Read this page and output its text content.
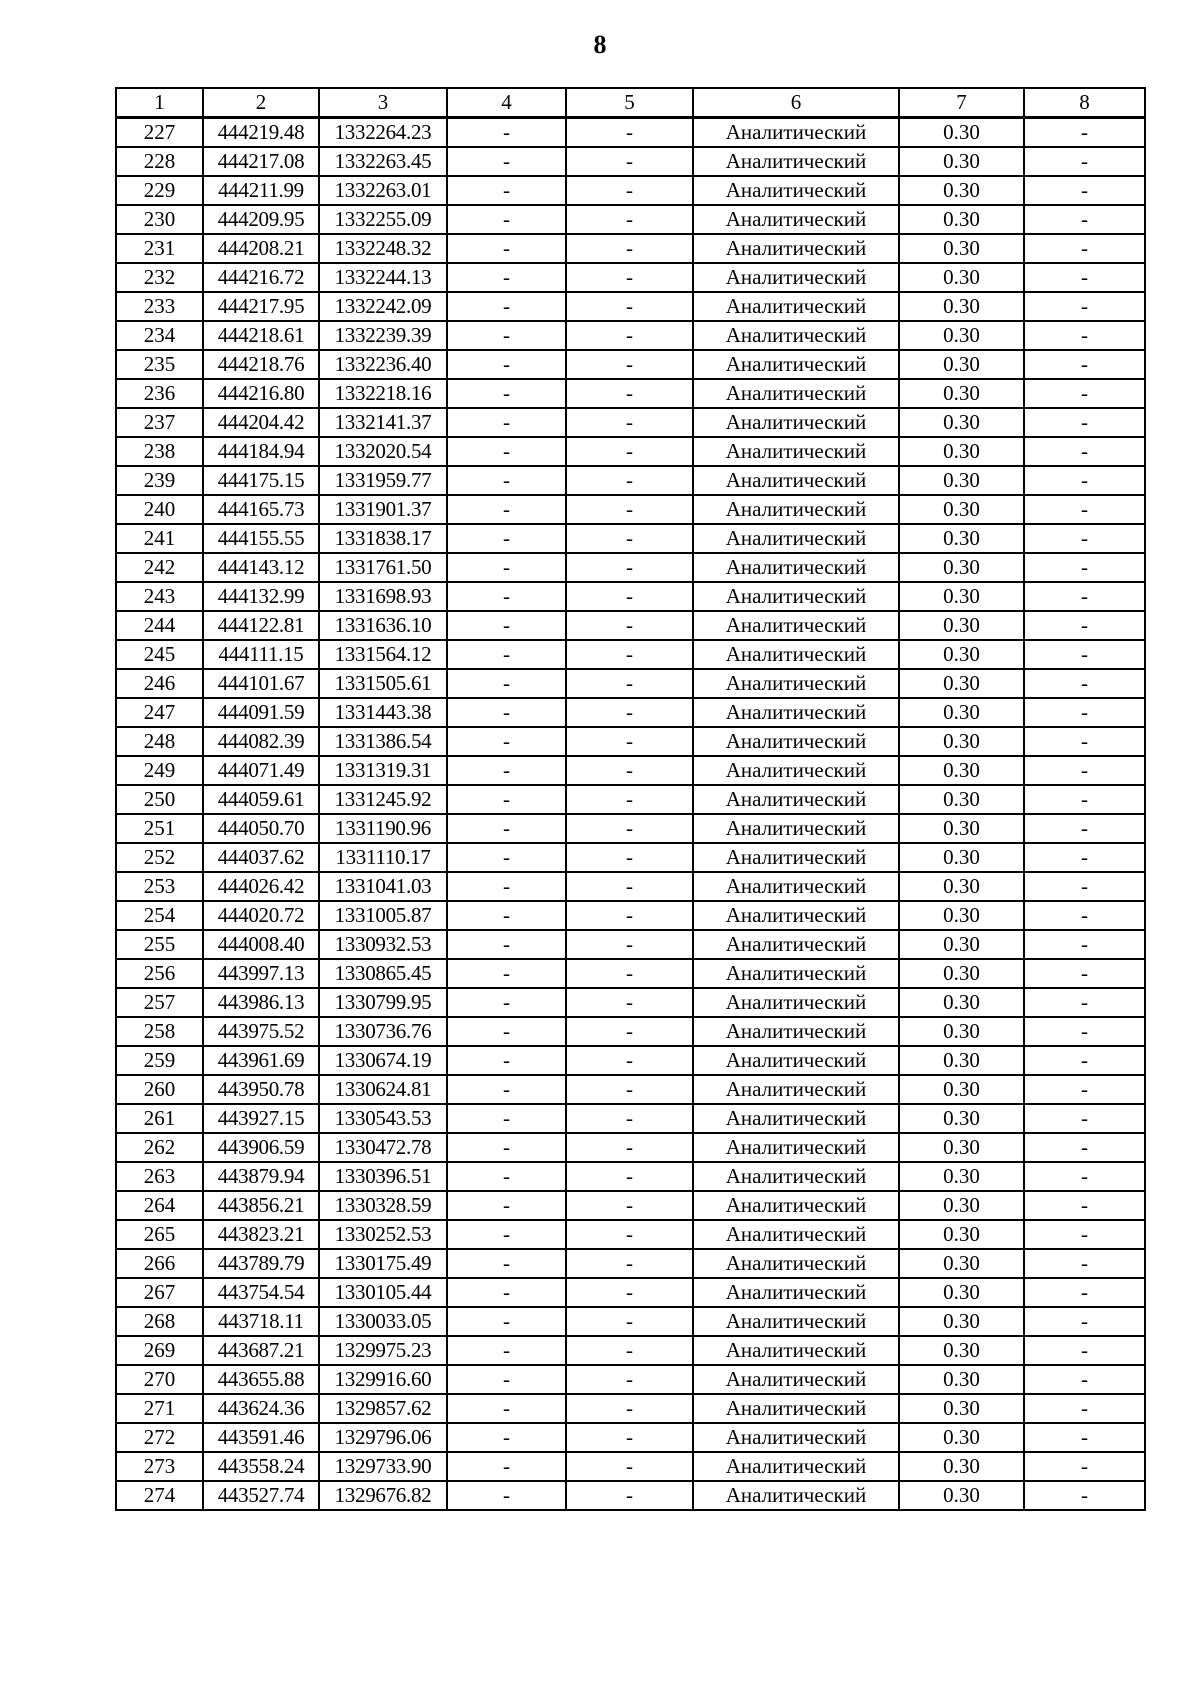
8
1	2	3	4	5	6	7	8
227	444219.48	1332264.23	-	-	Аналитический	0.30	-
228	444217.08	1332263.45	-	-	Аналитический	0.30	-
229	444211.99	1332263.01	-	-	Аналитический	0.30	-
230	444209.95	1332255.09	-	-	Аналитический	0.30	-
231	444208.21	1332248.32	-	-	Аналитический	0.30	-
232	444216.72	1332244.13	-	-	Аналитический	0.30	-
233	444217.95	1332242.09	-	-	Аналитический	0.30	-
234	444218.61	1332239.39	-	-	Аналитический	0.30	-
235	444218.76	1332236.40	-	-	Аналитический	0.30	-
236	444216.80	1332218.16	-	-	Аналитический	0.30	-
237	444204.42	1332141.37	-	-	Аналитический	0.30	-
238	444184.94	1332020.54	-	-	Аналитический	0.30	-
239	444175.15	1331959.77	-	-	Аналитический	0.30	-
240	444165.73	1331901.37	-	-	Аналитический	0.30	-
241	444155.55	1331838.17	-	-	Аналитический	0.30	-
242	444143.12	1331761.50	-	-	Аналитический	0.30	-
243	444132.99	1331698.93	-	-	Аналитический	0.30	-
244	444122.81	1331636.10	-	-	Аналитический	0.30	-
245	444111.15	1331564.12	-	-	Аналитический	0.30	-
246	444101.67	1331505.61	-	-	Аналитический	0.30	-
247	444091.59	1331443.38	-	-	Аналитический	0.30	-
248	444082.39	1331386.54	-	-	Аналитический	0.30	-
249	444071.49	1331319.31	-	-	Аналитический	0.30	-
250	444059.61	1331245.92	-	-	Аналитический	0.30	-
251	444050.70	1331190.96	-	-	Аналитический	0.30	-
252	444037.62	1331110.17	-	-	Аналитический	0.30	-
253	444026.42	1331041.03	-	-	Аналитический	0.30	-
254	444020.72	1331005.87	-	-	Аналитический	0.30	-
255	444008.40	1330932.53	-	-	Аналитический	0.30	-
256	443997.13	1330865.45	-	-	Аналитический	0.30	-
257	443986.13	1330799.95	-	-	Аналитический	0.30	-
258	443975.52	1330736.76	-	-	Аналитический	0.30	-
259	443961.69	1330674.19	-	-	Аналитический	0.30	-
260	443950.78	1330624.81	-	-	Аналитический	0.30	-
261	443927.15	1330543.53	-	-	Аналитический	0.30	-
262	443906.59	1330472.78	-	-	Аналитический	0.30	-
263	443879.94	1330396.51	-	-	Аналитический	0.30	-
264	443856.21	1330328.59	-	-	Аналитический	0.30	-
265	443823.21	1330252.53	-	-	Аналитический	0.30	-
266	443789.79	1330175.49	-	-	Аналитический	0.30	-
267	443754.54	1330105.44	-	-	Аналитический	0.30	-
268	443718.11	1330033.05	-	-	Аналитический	0.30	-
269	443687.21	1329975.23	-	-	Аналитический	0.30	-
270	443655.88	1329916.60	-	-	Аналитический	0.30	-
271	443624.36	1329857.62	-	-	Аналитический	0.30	-
272	443591.46	1329796.06	-	-	Аналитический	0.30	-
273	443558.24	1329733.90	-	-	Аналитический	0.30	-
274	443527.74	1329676.82	-	-	Аналитический	0.30	-
